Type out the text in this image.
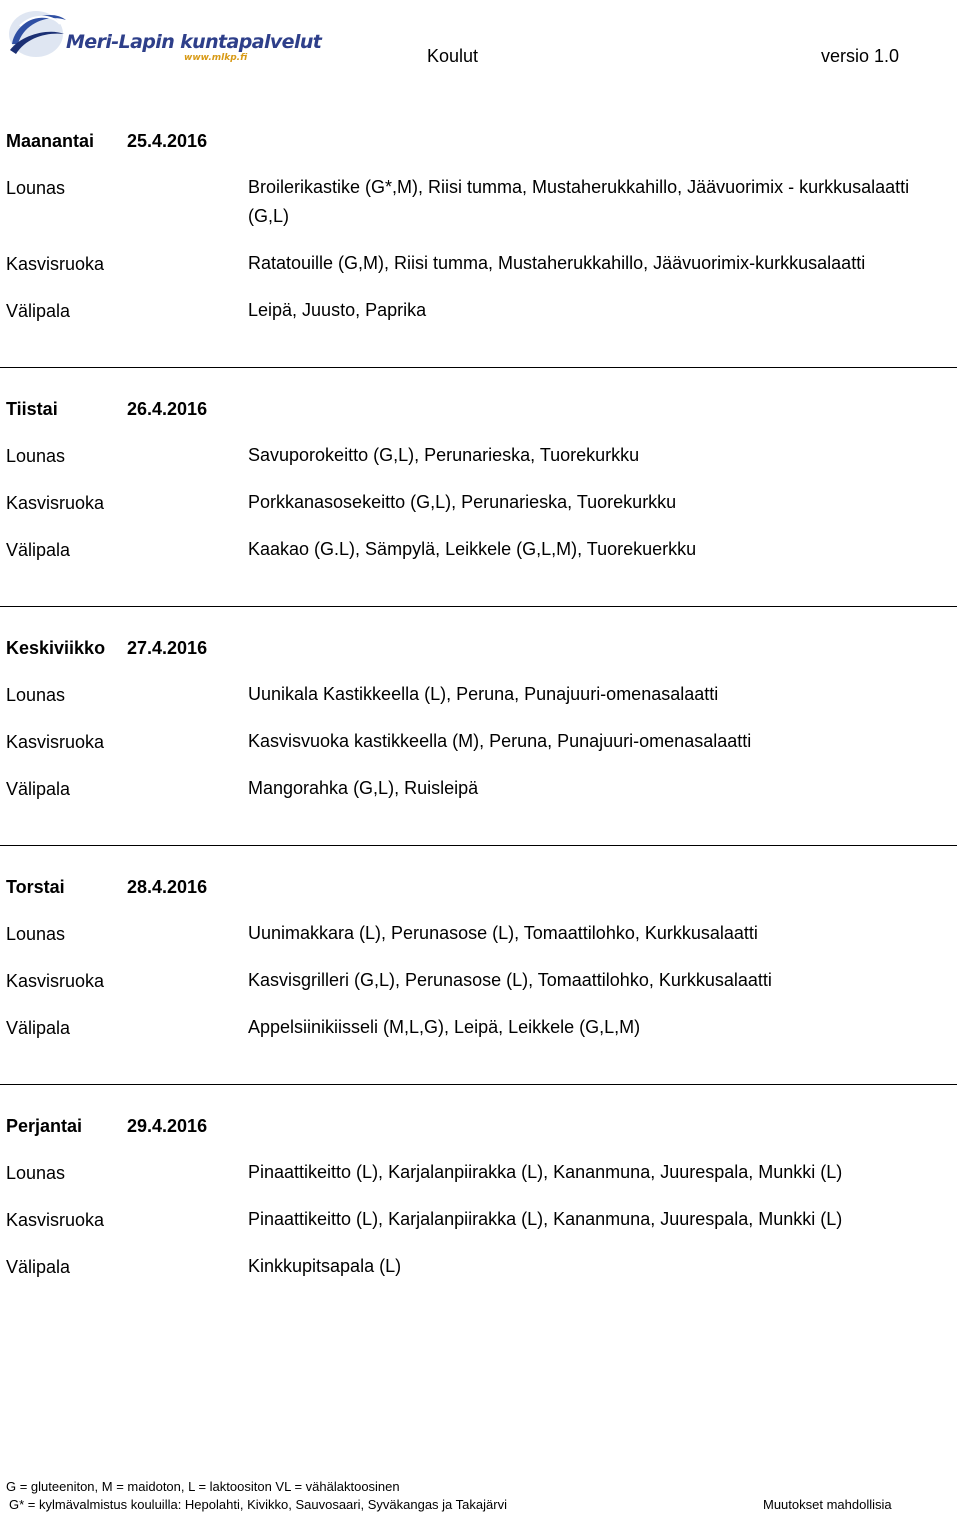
Meri-Lapin kuntapalvelut
www.mlkp.fi	Koulut	versio 1.0
Maanantai 25.4.2016
Lounas	Broilerikastike (G*,M), Riisi tumma, Mustaherukkahillo, Jäävuorimix - kurkkusalaatti (G,L)
Kasvisruoka	Ratatouille (G,M), Riisi tumma, Mustaherukkahillo, Jäävuorimix-kurkkusalaatti
Välipala	Leipä, Juusto, Paprika
Tiistai	26.4.2016
Lounas	Savuporokeitto (G,L), Perunarieska, Tuorekurkku
Kasvisruoka	Porkkanasosekeitto (G,L), Perunarieska, Tuorekurkku
Välipala	Kaakao (G.L), Sämpylä, Leikkele (G,L,M), Tuorekuerkku
Keskiviikko 27.4.2016
Lounas	Uunikala Kastikkeella (L), Peruna, Punajuuri-omenasalaatti
Kasvisruoka	Kasvisvuoka kastikkeella (M), Peruna, Punajuuri-omenasalaatti
Välipala	Mangorahka (G,L), Ruisleipä
Torstai	28.4.2016
Lounas	Uunimakkara (L), Perunasose (L), Tomaattilohko, Kurkkusalaatti
Kasvisruoka	Kasvisgrilleri (G,L), Perunasose (L), Tomaattilohko, Kurkkusalaatti
Välipala	Appelsiinikiisseli (M,L,G), Leipä, Leikkele (G,L,M)
Perjantai 29.4.2016
Lounas	Pinaattikeitto (L), Karjalanpiirakka (L), Kananmuna, Juurespala, Munkki (L)
Kasvisruoka	Pinaattikeitto (L), Karjalanpiirakka (L), Kananmuna, Juurespala, Munkki (L)
Välipala	Kinkkupitsapala (L)
G = gluteeniton, M = maidoton, L = laktoositon VL = vähälaktoosinen
G* = kylmävalmistus kouluilla: Hepolahti, Kivikko, Sauvosaari, Syväkangas ja Takajärvi	Muutokset mahdollisia
